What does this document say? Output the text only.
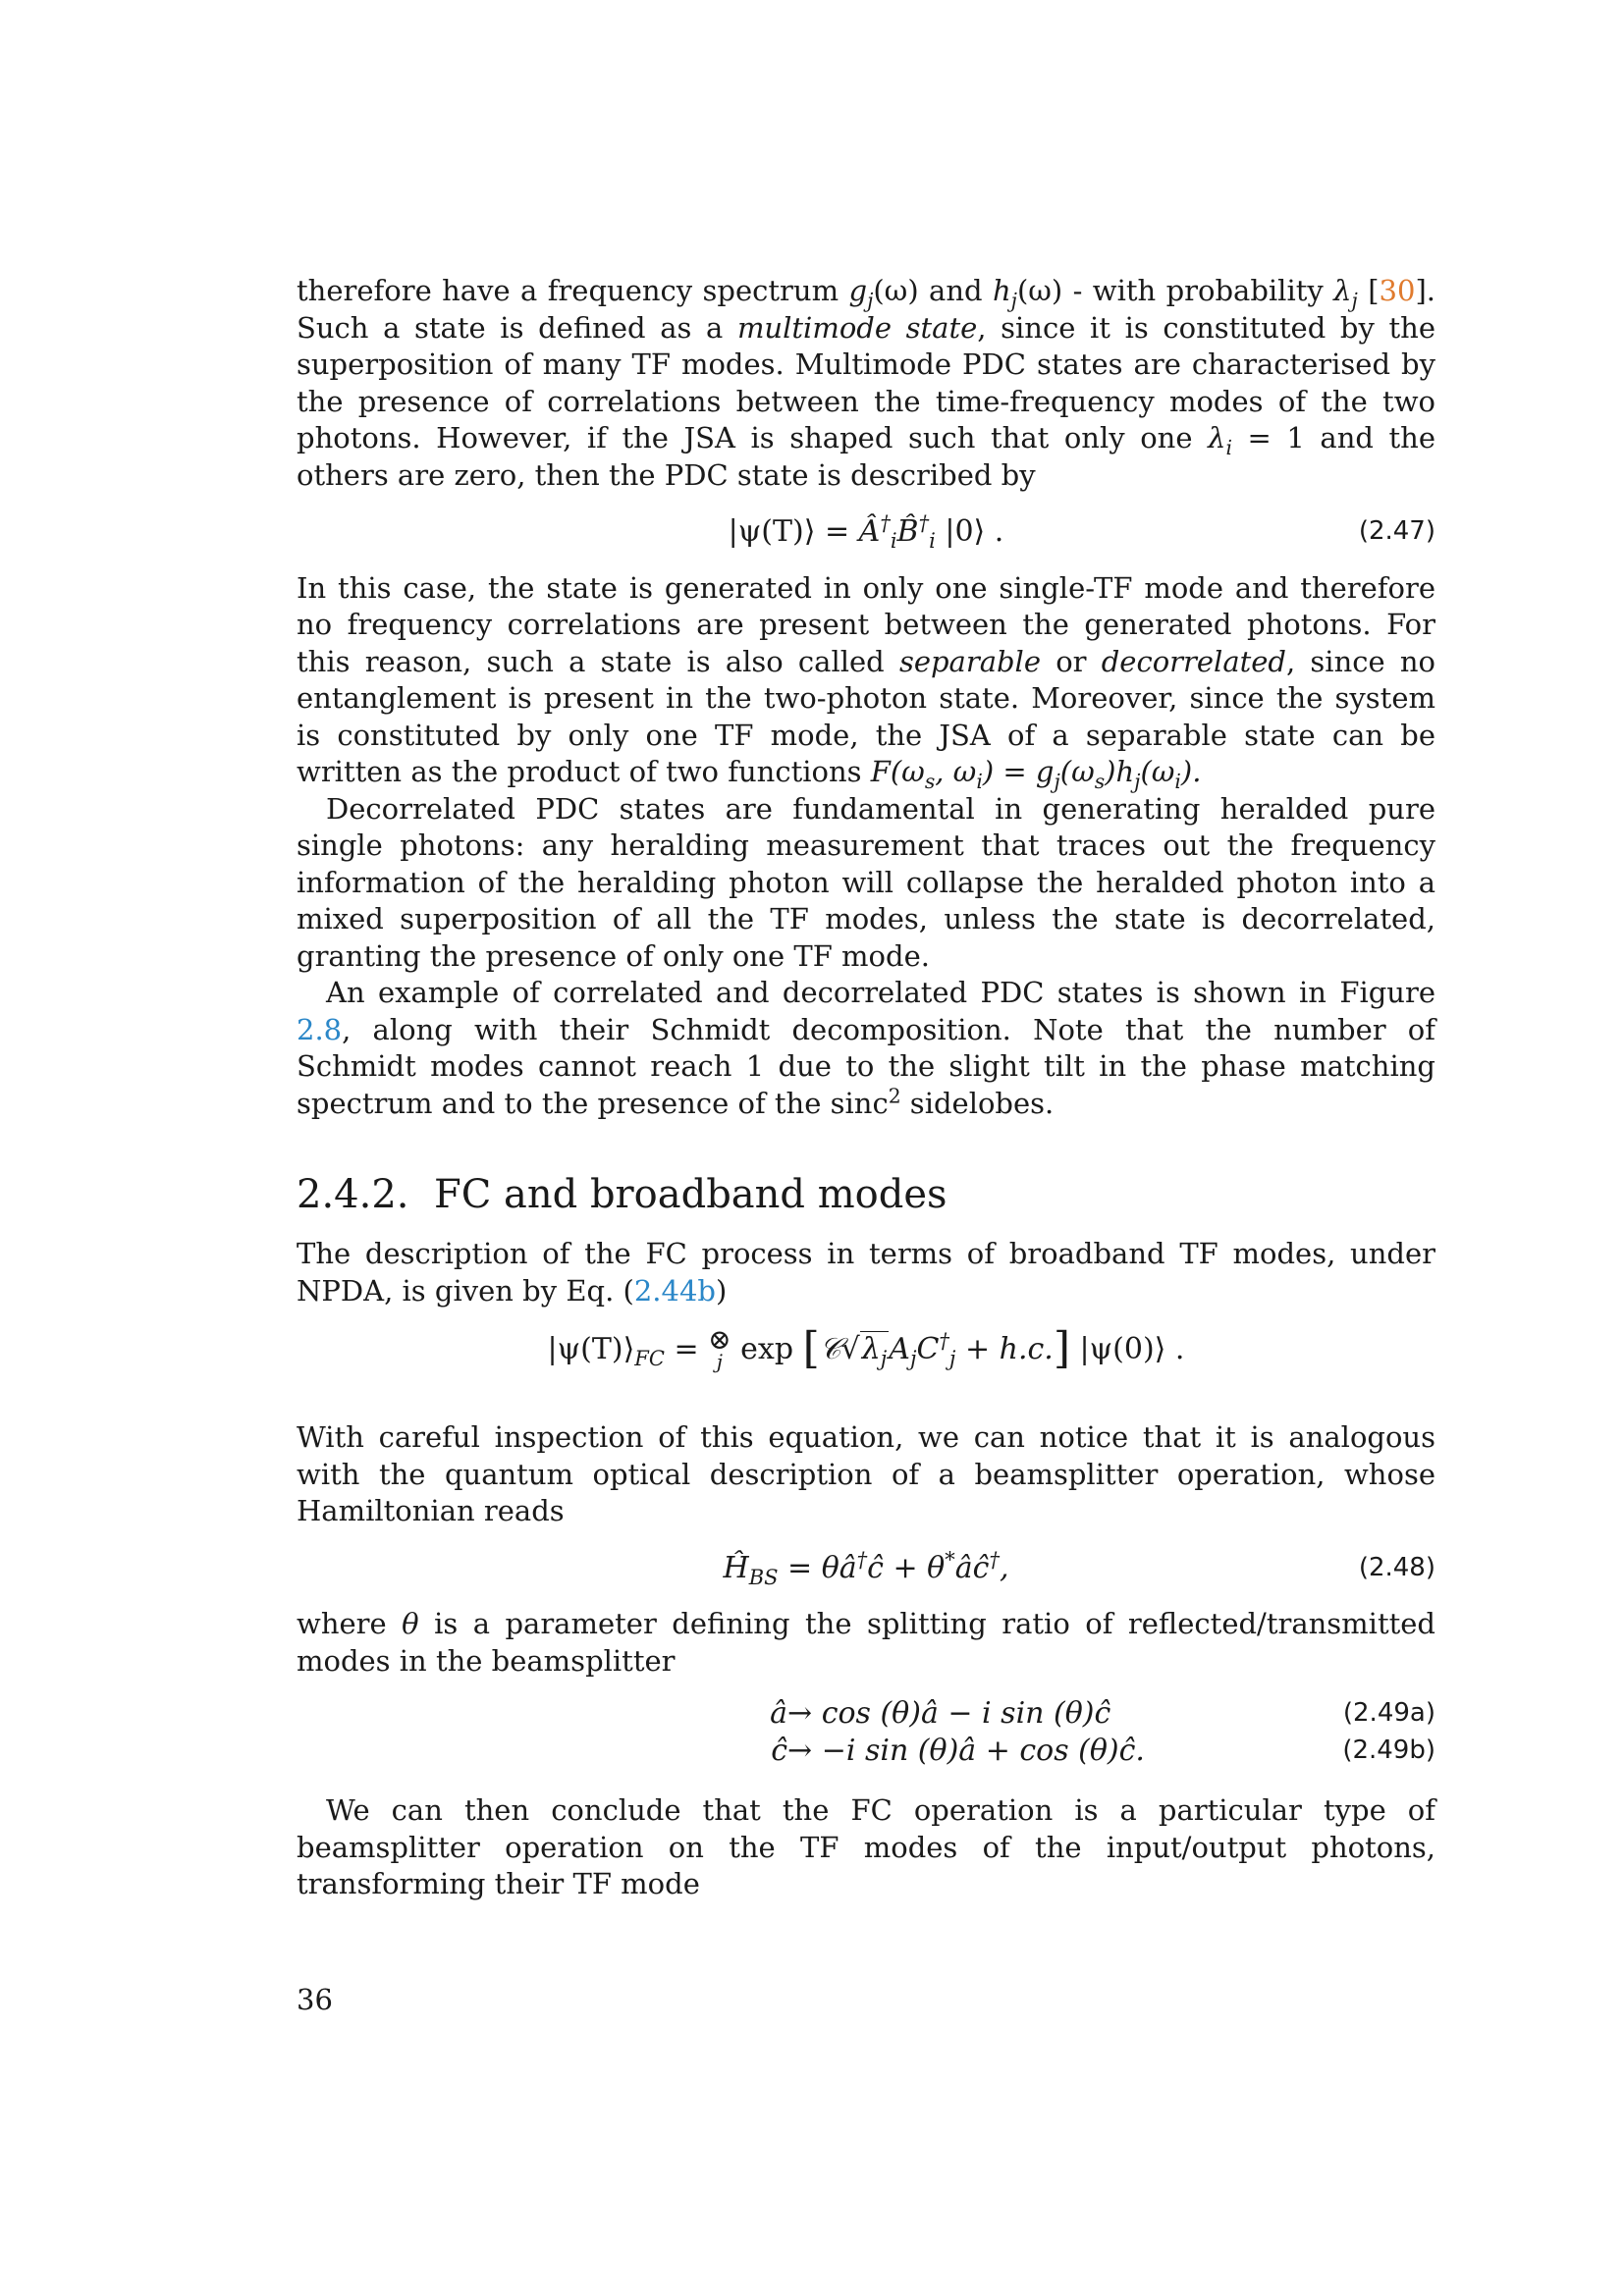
therefore have a frequency spectrum $g_j(\omega)$ and $h_j(\omega)$ - with probability $\lambda_j$ [30]. Such a state is defined as a multimode state, since it is constituted by the superposition of many TF modes. Multimode PDC states are characterised by the presence of correlations between the time-frequency modes of the two photons. However, if the JSA is shaped such that only one $\lambda_i = 1$ and the others are zero, then the PDC state is described by

|ψ(T)⟩ = $Â^\dagger_iB̂^\dagger_i$ |0⟩ .	(2.47)

In this case, the state is generated in only one single-TF mode and therefore no frequency correlations are present between the generated photons. For this reason, such a state is also called separable or decorrelated, since no entanglement is present in the two-photon state. Moreover, since the system is constituted by only one TF mode, the JSA of a separable state can be written as the product of two functions $F(\omega_s$, $\omega_i) = g_j(\omega_s)h_j(\omega_i)$.

Decorrelated PDC states are fundamental in generating heralded pure single photons: any heralding measurement that traces out the frequency information of the heralding photon will collapse the heralded photon into a mixed superposition of all the TF modes, unless the state is decorrelated, granting the presence of only one TF mode.

An example of correlated and decorrelated PDC states is shown in Figure 2.8, along with their Schmidt decomposition. Note that the number of Schmidt modes cannot reach 1 due to the slight tilt in the phase matching spectrum and to the presence of the sinc$^2$ sidelobes.

2.4.2. FC and broadband modes

The description of the FC process in terms of broadband TF modes, under NPDA, is given by Eq. (2.44b)

$|\psi(T)⟩_{FC}$ = ⊗
j $\exp [𝒞√\lambda_jA_jC^\dagger_j + h.c.]$ |ψ(0)⟩ .

With careful inspection of this equation, we can notice that it is analogous with the quantum optical description of a beamsplitter operation, whose Hamiltonian reads

$Ĥ_{BS}$ = θâ†ĉ + θ*âĉ†,	(2.48)

where θ is a parameter defining the splitting ratio of reflected/transmitted modes in the beamsplitter

â → cos (θ)â − i sin (θ)ĉ	(2.49a)
ĉ → −i sin (θ)â + cos (θ)ĉ.	(2.49b)

We can then conclude that the FC operation is a particular type of beamsplitter operation on the TF modes of the input/output photons, transforming their TF mode

36
